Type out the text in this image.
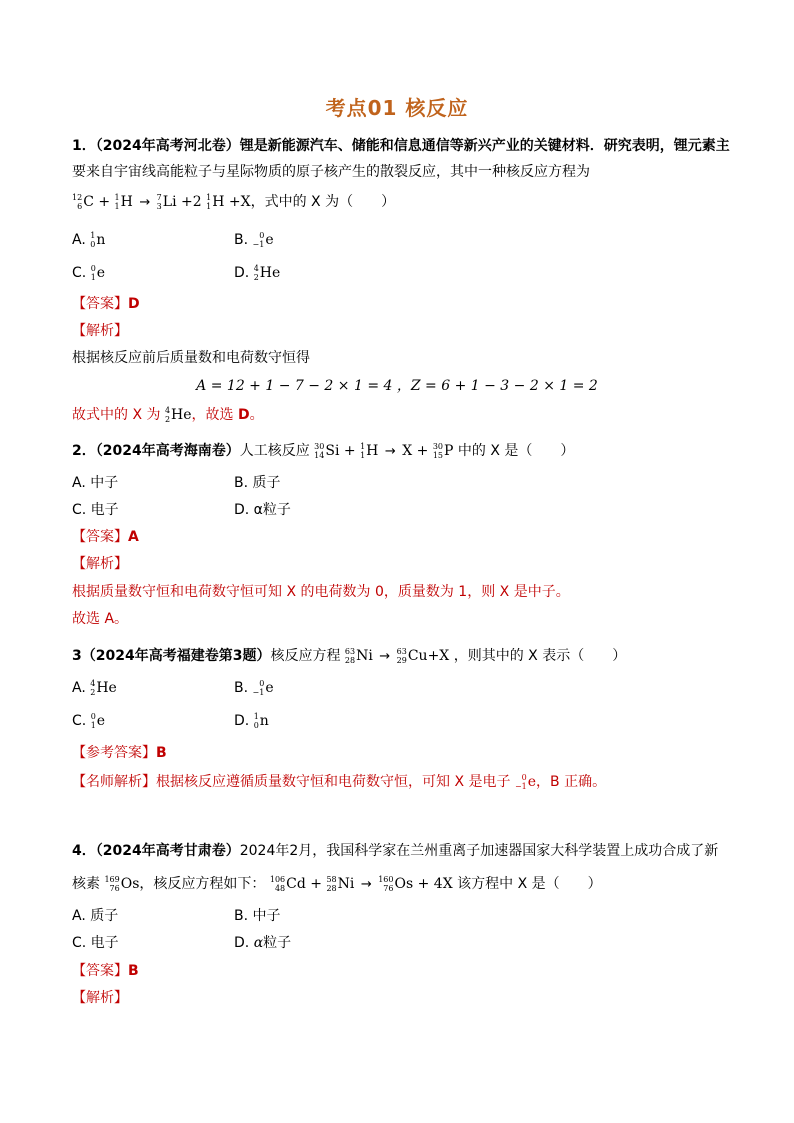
考点01 核反应
1．（2024年高考河北卷）锂是新能源汽车、储能和信息通信等新兴产业的关键材料．研究表明，锂元素主
要来自宇宙线高能粒子与星际物质的原子核产生的散裂反应，其中一种核反应方程为
12
6 C + 1
1 H → 7
3 Li +2 1
1 H +X，式中的 X 为（　　）
A. 1
0 n	B. 0
−1 e
C. 0
1 e	D. 4
2 He
【答案】D
【解析】
根据核反应前后质量数和电荷数守恒得
A = 12 + 1 − 7 − 2 × 1 = 4 ，Z = 6 + 1 − 3 − 2 × 1 = 2
故式中的 X 为 4
2 He ，故选 D。
2．（2024年高考海南卷）人工核反应 30
14 Si + 1
1 H → X + 30
15 P 中的 X 是（　　）
A. 中子	B. 质子
C. 电子	D. α粒子
【答案】A
【解析】
根据质量数守恒和电荷数守恒可知 X 的电荷数为 0，质量数为 1，则 X 是中子。
故选 A。
3（2024年高考福建卷第3题）核反应方程 63
28 Ni → 63
29 Cu +X ，则其中的 X 表示（　　）
A. 4
2 He	B. 0
−1 e
C. 0
1 e	D. 1
0 n
【参考答案】B
【名师解析】根据核反应遵循质量数守恒和电荷数守恒，可知 X 是电子 0
−1 e ，B 正确。
4．（2024年高考甘肃卷）2024年2月，我国科学家在兰州重离子加速器国家大科学装置上成功合成了新
核素 169
76 Os ，核反应方程如下： 106
48 Cd + 58
28 Ni → 160
76 Os + 4X 该方程中 X 是（　　）
A. 质子	B. 中子
C. 电子	D. α粒子
【答案】B
【解析】
